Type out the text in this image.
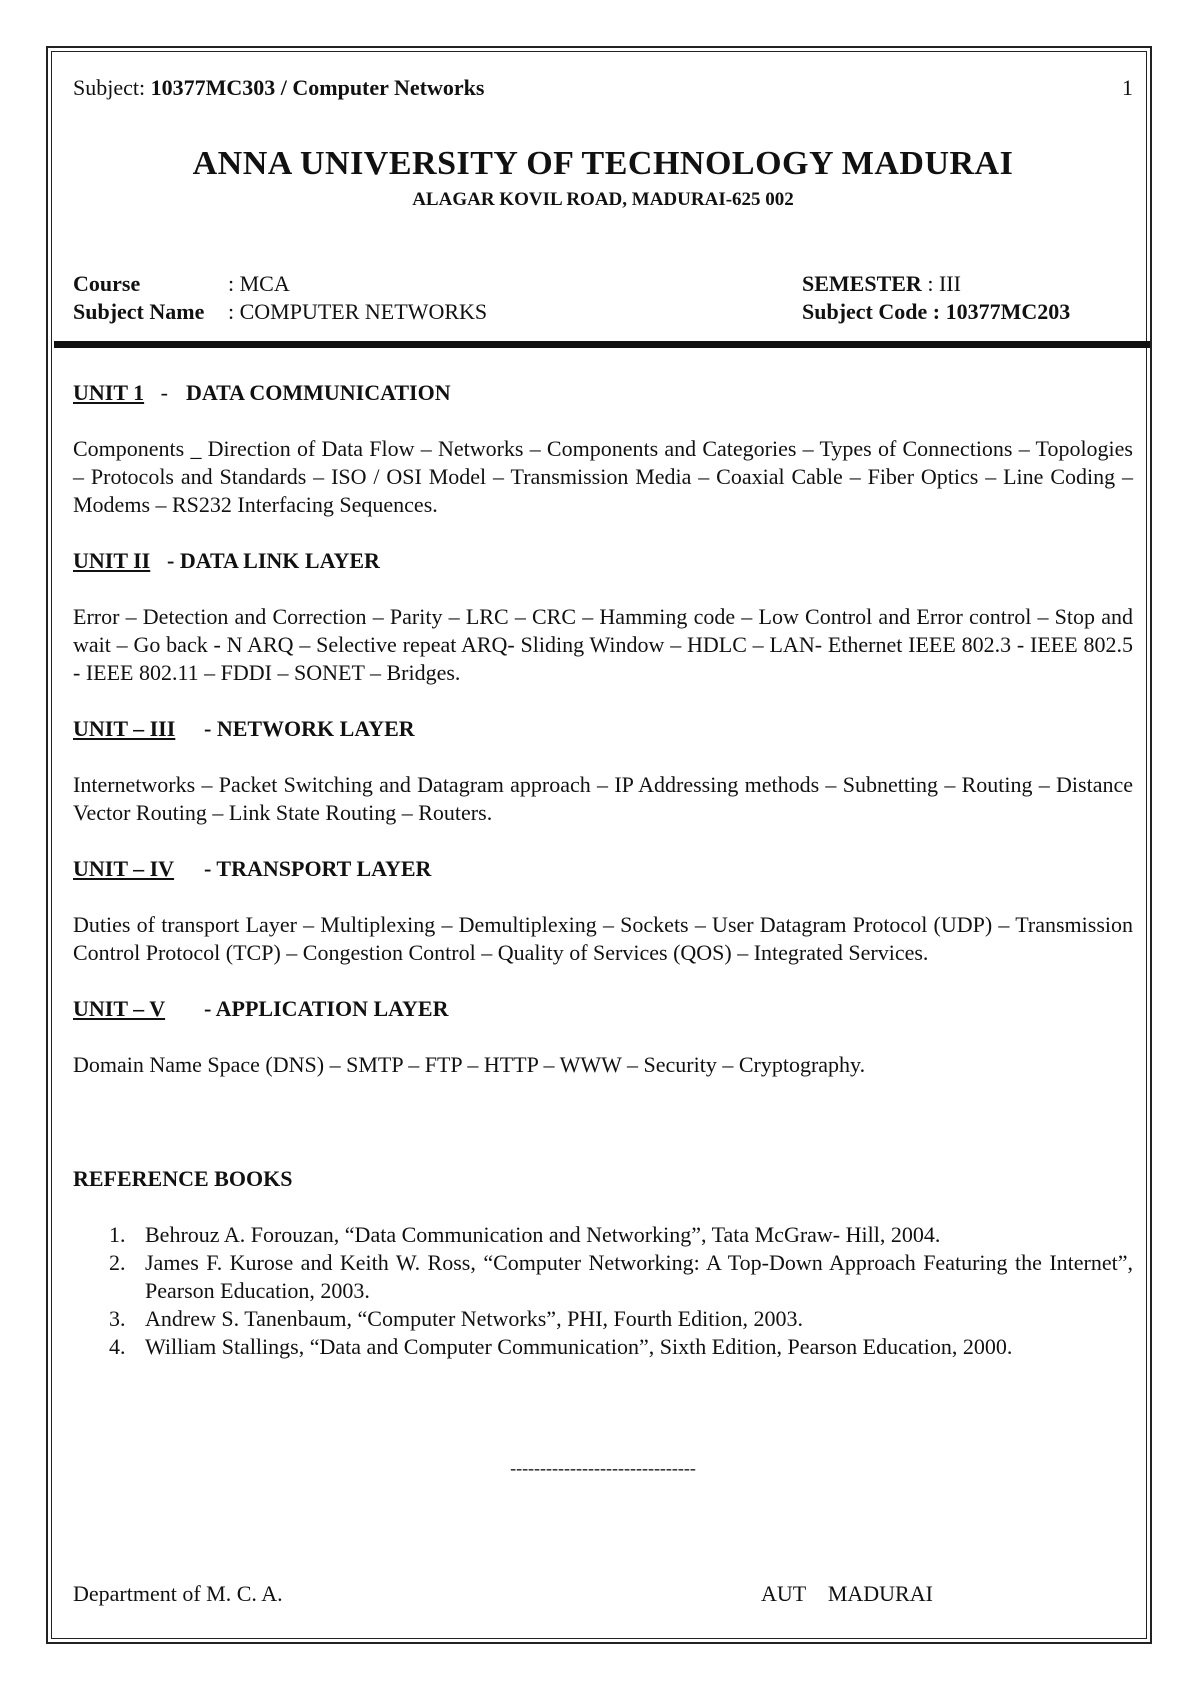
Subject: 10377MC303 / Computer Networks	1
ANNA UNIVERSITY OF TECHNOLOGY MADURAI
ALAGAR KOVIL ROAD, MADURAI-625 002
Course	: MCA	SEMESTER : III
Subject Name : COMPUTER NETWORKS	Subject Code : 10377MC203
UNIT 1   - DATA COMMUNICATION
Components _ Direction of Data Flow – Networks – Components and Categories – Types of Connections – Topologies – Protocols and Standards – ISO / OSI Model – Transmission Media – Coaxial Cable – Fiber Optics – Line Coding – Modems – RS232 Interfacing Sequences.
UNIT II - DATA LINK LAYER
Error – Detection and Correction – Parity – LRC – CRC – Hamming code – Low Control and Error control – Stop and wait – Go back - N ARQ – Selective repeat ARQ- Sliding Window – HDLC – LAN- Ethernet IEEE 802.3 - IEEE 802.5 - IEEE 802.11 – FDDI – SONET – Bridges.
UNIT – III - NETWORK LAYER
Internetworks – Packet Switching and Datagram approach – IP Addressing methods – Subnetting – Routing – Distance Vector Routing – Link State Routing – Routers.
UNIT – IV - TRANSPORT LAYER
Duties of transport Layer – Multiplexing – Demultiplexing – Sockets – User Datagram Protocol (UDP) – Transmission Control Protocol (TCP) – Congestion Control – Quality of Services (QOS) – Integrated Services.
UNIT – V - APPLICATION LAYER
Domain Name Space (DNS) – SMTP – FTP – HTTP – WWW – Security – Cryptography.
REFERENCE BOOKS
1. Behrouz A. Forouzan, “Data Communication and Networking”, Tata McGraw- Hill, 2004.
2. James F. Kurose and Keith W. Ross, “Computer Networking: A Top-Down Approach Featuring the Internet”, Pearson Education, 2003.
3. Andrew S. Tanenbaum, “Computer Networks”, PHI, Fourth Edition, 2003.
4. William Stallings, “Data and Computer Communication”, Sixth Edition, Pearson Education, 2000.
-------------------------------
Department of M. C. A.	AUT    MADURAI
